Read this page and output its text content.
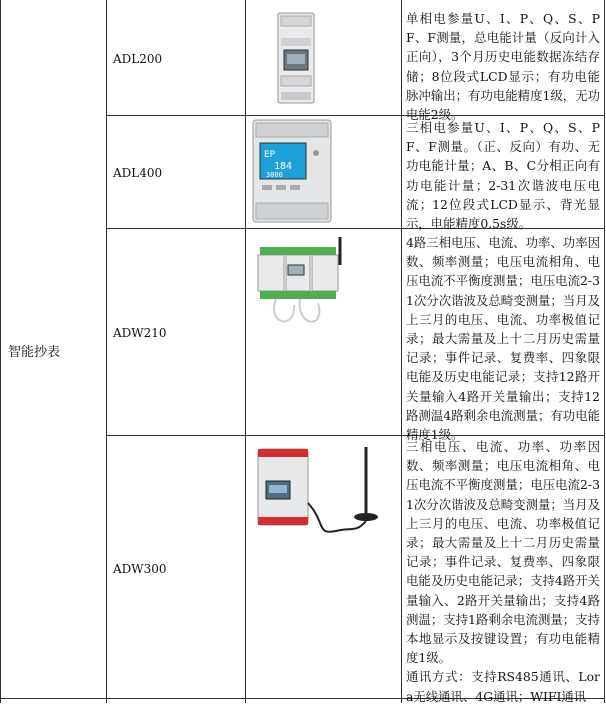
智能抄表
ADL200
单相电参量U、I、P、Q、S、PF、F测量，总电能计量（反向计入正向），3个月历史电能数据冻结存储；8位段式LCD显示；有功电能脉冲输出；有功电能精度1级，无功电能2级。
ADL400
EP
184
3000
三相电参量U、I、P、Q、S、PF、F测量。（正、反向）有功、无功电能计量；A、B、C分相正向有功电能计量；2-31次谐波电压电流；12位段式LCD显示、背光显示，电能精度0.5s级。
ADW210
4路三相电压、电流、功率、功率因数、频率测量；电压电流相角、电压电流不平衡度测量；电压电流2-31次分次谐波及总畸变测量；当月及上三月的电压、电流、功率极值记录；最大需量及上十二月历史需量记录；事件记录、复费率、四象限电能及历史电能记录；支持12路开关量输入4路开关量输出；支持12路测温4路剩余电流测量；有功电能精度1级。
ADW300
三相电压、电流、功率、功率因数、频率测量；电压电流相角、电压电流不平衡度测量；电压电流2-31次分次谐波及总畸变测量；当月及上三月的电压、电流、功率极值记录；最大需量及上十二月历史需量记录；事件记录、复费率、四象限电能及历史电能记录；支持4路开关量输入、2路开关量输出；支持4路测温；支持1路剩余电流测量；支持本地显示及按键设置；有功电能精度1级。
通讯方式：支持RS485通讯、Lora无线通讯、4G通讯；WIFI通讯
